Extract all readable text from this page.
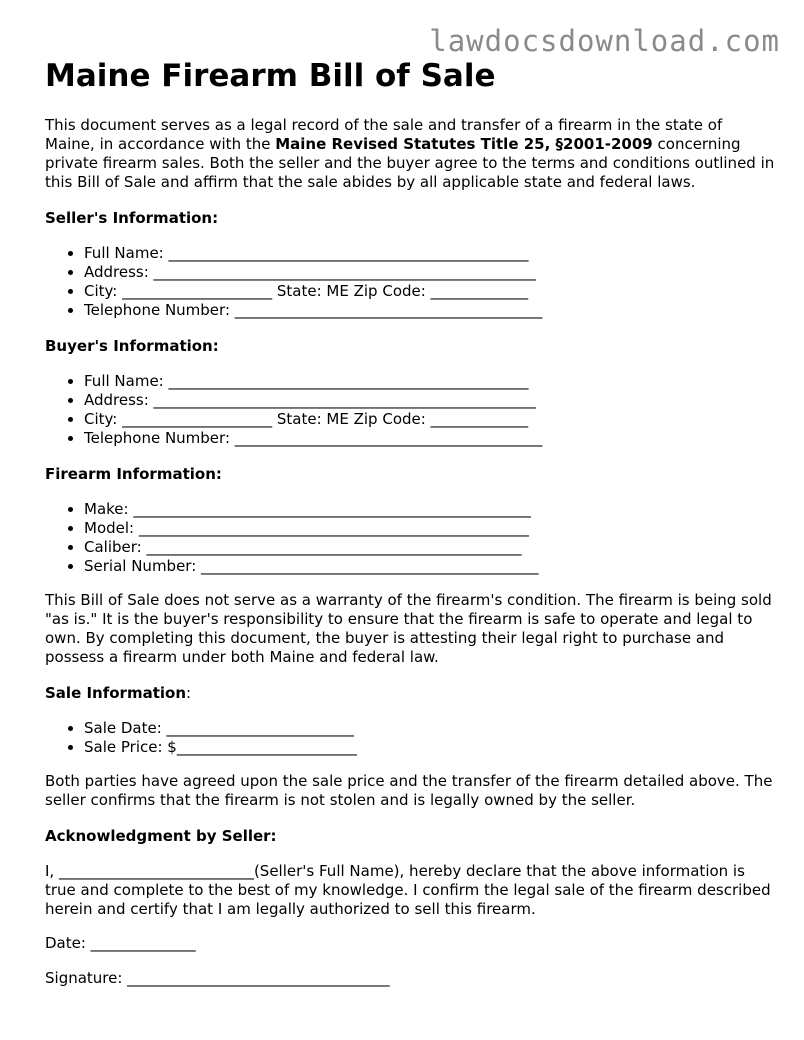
lawdocsdownload.com
Maine Firearm Bill of Sale

This document serves as a legal record of the sale and transfer of a firearm in the state of Maine, in accordance with the Maine Revised Statutes Title 25, §2001-2009 concerning private firearm sales. Both the seller and the buyer agree to the terms and conditions outlined in this Bill of Sale and affirm that the sale abides by all applicable state and federal laws.

Seller's Information:

• Full Name: ________________________________________________
• Address: ___________________________________________________
• City: ____________________ State: ME Zip Code: _____________
• Telephone Number: _________________________________________

Buyer's Information:

• Full Name: ________________________________________________
• Address: ___________________________________________________
• City: ____________________ State: ME Zip Code: _____________
• Telephone Number: _________________________________________

Firearm Information:

• Make: _____________________________________________________
• Model: ____________________________________________________
• Caliber: __________________________________________________
• Serial Number: _____________________________________________

This Bill of Sale does not serve as a warranty of the firearm's condition. The firearm is being sold "as is." It is the buyer's responsibility to ensure that the firearm is safe to operate and legal to own. By completing this document, the buyer is attesting their legal right to purchase and possess a firearm under both Maine and federal law.

Sale Information:

• Sale Date: _________________________
• Sale Price: $________________________

Both parties have agreed upon the sale price and the transfer of the firearm detailed above. The seller confirms that the firearm is not stolen and is legally owned by the seller.

Acknowledgment by Seller:

I, __________________________(Seller's Full Name), hereby declare that the above information is true and complete to the best of my knowledge. I confirm the legal sale of the firearm described herein and certify that I am legally authorized to sell this firearm.

Date: ______________

Signature: ___________________________________
